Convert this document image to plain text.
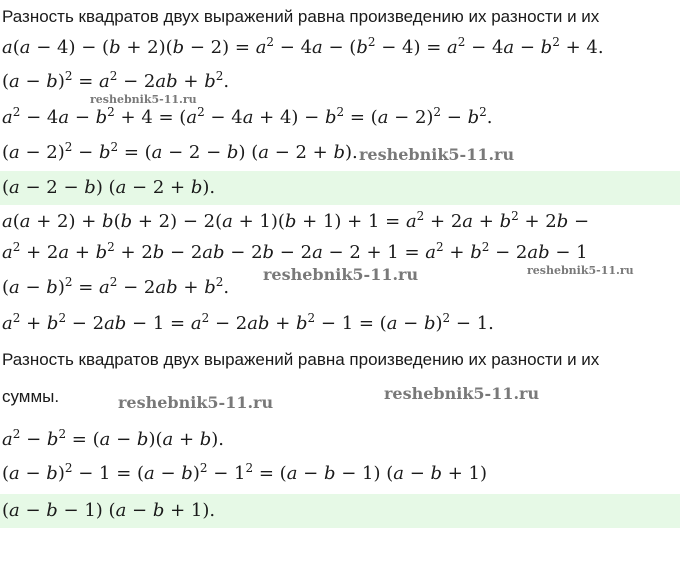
Разность квадратов двух выражений равна произведению их разности и их
$a(a - 4) - (b + 2)(b - 2) = a^2 - 4a - (b^2 - 4) = a^2 - 4a - b^2 + 4$.
$(a - b)^2 = a^2 - 2ab + b^2$.
$a^2 - 4a - b^2 + 4 = (a^2 - 4a + 4) - b^2 = (a - 2)^2 - b^2$.
$(a - 2)^2 - b^2 = (a - 2 - b)$ (a − 2 + b).
(a − 2 − b) (a − 2 + b).
$a(a + 2) + b(b + 2) - 2(a + 1)(b + 1) + 1 = a^2 + 2a + b^2 + 2b$ −
$a^2 + 2a + b^2 + 2b - 2ab - 2b - 2a - 2 + 1 = a^2 + b^2 - 2ab - 1$
$(a - b)^2 = a^2 - 2ab + b^2$.
$a^2 + b^2 - 2ab - 1 = a^2 - 2ab + b^2 - 1 = (a - b)^2 - 1$.
Разность квадратов двух выражений равна произведению их разности и их
суммы.
$a^2 - b^2 = (a - b)(a + b)$.
$(a - b)^2 - 1 = (a - b)^2 - 1^2 = (a - b - 1)$ (a − b + 1)
(a − b − 1) (a − b + 1).
reshebnik5-11.ru
reshebnik5-11.ru
reshebnik5-11.ru	reshebnik5-11.ru
reshebnik5-11.ru	reshebnik5-11.ru
